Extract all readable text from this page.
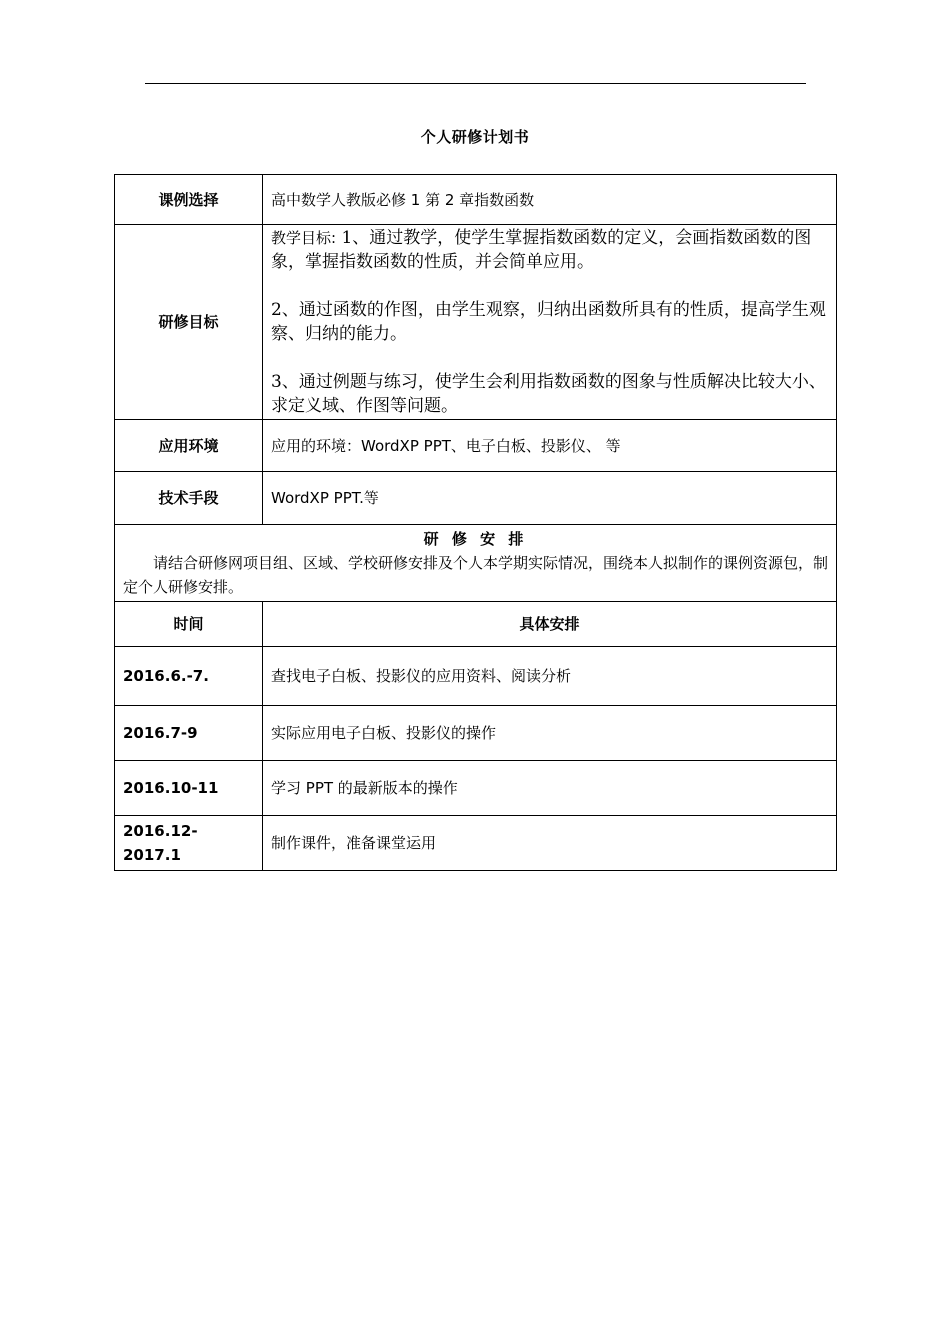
个人研修计划书
课例选择	高中数学人教版必修 1 第 2 章指数函数
研修目标	教学目标: 1、通过教学，使学生掌握指数函数的定义，会画指数函数的图象，掌握指数函数的性质，并会简单应用。

2、通过函数的作图，由学生观察，归纳出函数所具有的性质，提高学生观察、归纳的能力。

3、通过例题与练习，使学生会利用指数函数的图象与性质解决比较大小、求定义域、作图等问题。

应用环境	应用的环境：WordXP PPT、电子白板、投影仪、 等
技术手段	WordXP PPT.等

研 修 安 排
请结合研修网项目组、区域、学校研修安排及个人本学期实际情况，围绕本人拟制作的课例资源包，制定个人研修安排。	

时间	具体安排
2016.6.-7.	查找电子白板、投影仪的应用资料、阅读分析
2016.7-9	实际应用电子白板、投影仪的操作
2016.10-11	学习 PPT 的最新版本的操作
2016.12-2017.1	制作课件，准备课堂运用
